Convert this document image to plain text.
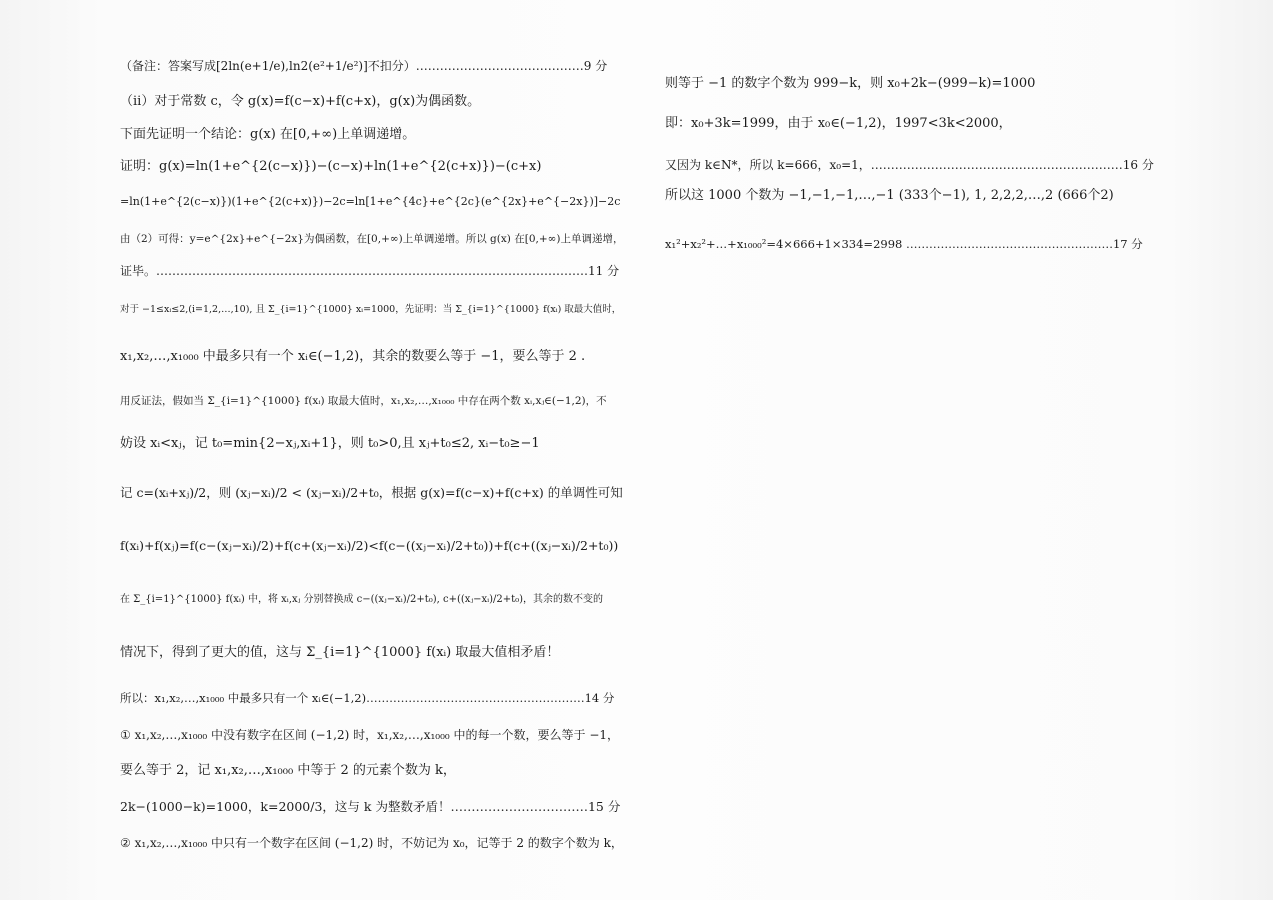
（备注：答案写成[2ln(e+1/e),ln2(e²+1/e²)]不扣分）……………………………………9 分
（ii）对于常数 c，令 g(x)=f(c−x)+f(c+x)，g(x)为偶函数。
下面先证明一个结论：g(x) 在[0,+∞)上单调递增。
证明：g(x)=ln(1+e^{2(c−x)})−(c−x)+ln(1+e^{2(c+x)})−(c+x)
=ln(1+e^{2(c−x)})(1+e^{2(c+x)})−2c=ln[1+e^{4c}+e^{2c}(e^{2x}+e^{−2x})]−2c
由（2）可得：y=e^{2x}+e^{−2x}为偶函数，在[0,+∞)上单调递增。所以 g(x) 在[0,+∞)上单调递增，
证毕。………………………………………………………………………………………………11 分
对于 −1≤xᵢ≤2,(i=1,2,…,10), 且 Σ_{i=1}^{1000} xᵢ=1000，先证明：当 Σ_{i=1}^{1000} f(xᵢ) 取最大值时，
x₁,x₂,…,x₁₀₀₀ 中最多只有一个 xᵢ∈(−1,2)，其余的数要么等于 −1，要么等于 2 .
用反证法，假如当 Σ_{i=1}^{1000} f(xᵢ) 取最大值时，x₁,x₂,…,x₁₀₀₀ 中存在两个数 xᵢ,xⱼ∈(−1,2)，不
妨设 xᵢ<xⱼ，记 t₀=min{2−xⱼ,xᵢ+1}，则 t₀>0,且 xⱼ+t₀≤2, xᵢ−t₀≥−1
记 c=(xᵢ+xⱼ)/2，则 (xⱼ−xᵢ)/2 < (xⱼ−xᵢ)/2+t₀，根据 g(x)=f(c−x)+f(c+x) 的单调性可知
f(xᵢ)+f(xⱼ)=f(c−(xⱼ−xᵢ)/2)+f(c+(xⱼ−xᵢ)/2)<f(c−((xⱼ−xᵢ)/2+t₀))+f(c+((xⱼ−xᵢ)/2+t₀))
在 Σ_{i=1}^{1000} f(xᵢ) 中，将 xᵢ,xⱼ 分别替换成 c−((xⱼ−xᵢ)/2+t₀), c+((xⱼ−xᵢ)/2+t₀)，其余的数不变的
情况下，得到了更大的值，这与 Σ_{i=1}^{1000} f(xᵢ) 取最大值相矛盾！
所以：x₁,x₂,…,x₁₀₀₀ 中最多只有一个 xᵢ∈(−1,2)…………………………………………………14 分
① x₁,x₂,…,x₁₀₀₀ 中没有数字在区间 (−1,2) 时，x₁,x₂,…,x₁₀₀₀ 中的每一个数，要么等于 −1，
要么等于 2，记 x₁,x₂,…,x₁₀₀₀ 中等于 2 的元素个数为 k，
2k−(1000−k)=1000，k=2000/3，这与 k 为整数矛盾！……………………………15 分
② x₁,x₂,…,x₁₀₀₀ 中只有一个数字在区间 (−1,2) 时，不妨记为 x₀，记等于 2 的数字个数为 k，
则等于 −1 的数字个数为 999−k，则 x₀+2k−(999−k)=1000
即：x₀+3k=1999，由于 x₀∈(−1,2)，1997<3k<2000，
又因为 k∈N*，所以 k=666，x₀=1，………………………………………………………16 分
所以这 1000 个数为 −1,−1,−1,…,−1 (333个−1), 1, 2,2,2,…,2 (666个2)
x₁²+x₂²+…+x₁₀₀₀²=4×666+1×334=2998 ………………………………………………17 分
